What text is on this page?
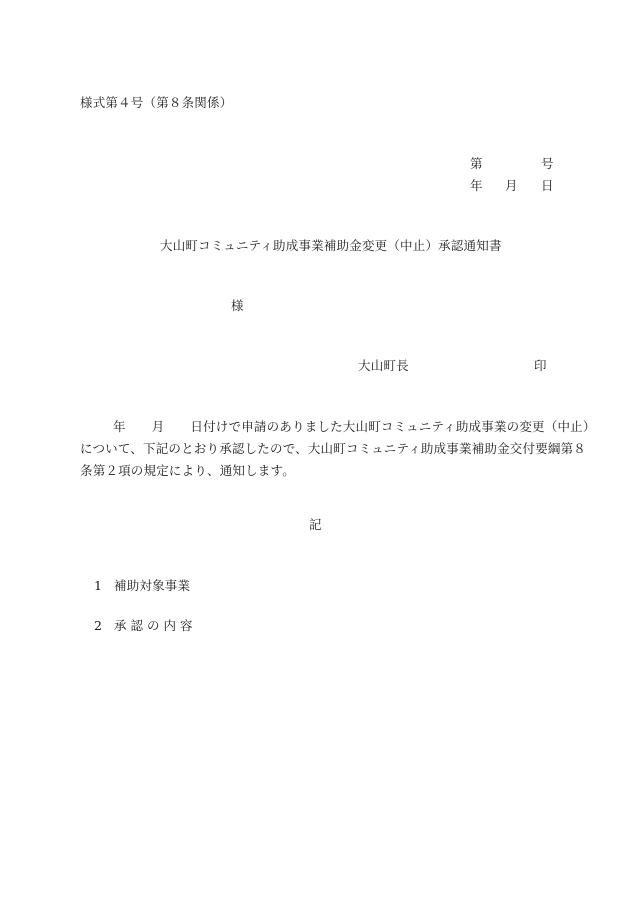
様式第４号（第８条関係）
第	号
年 月 日
大山町コミュニティ助成事業補助金変更（中止）承認通知書
様
大山町長	印
年 月 日付けで申請のありました大山町コミュニティ助成事業の変更（中止）
について、下記のとおり承認したので、大山町コミュニティ助成事業補助金交付要綱第８
条第２項の規定により、通知します。
記
1 補助対象事業
2 承認の内容
